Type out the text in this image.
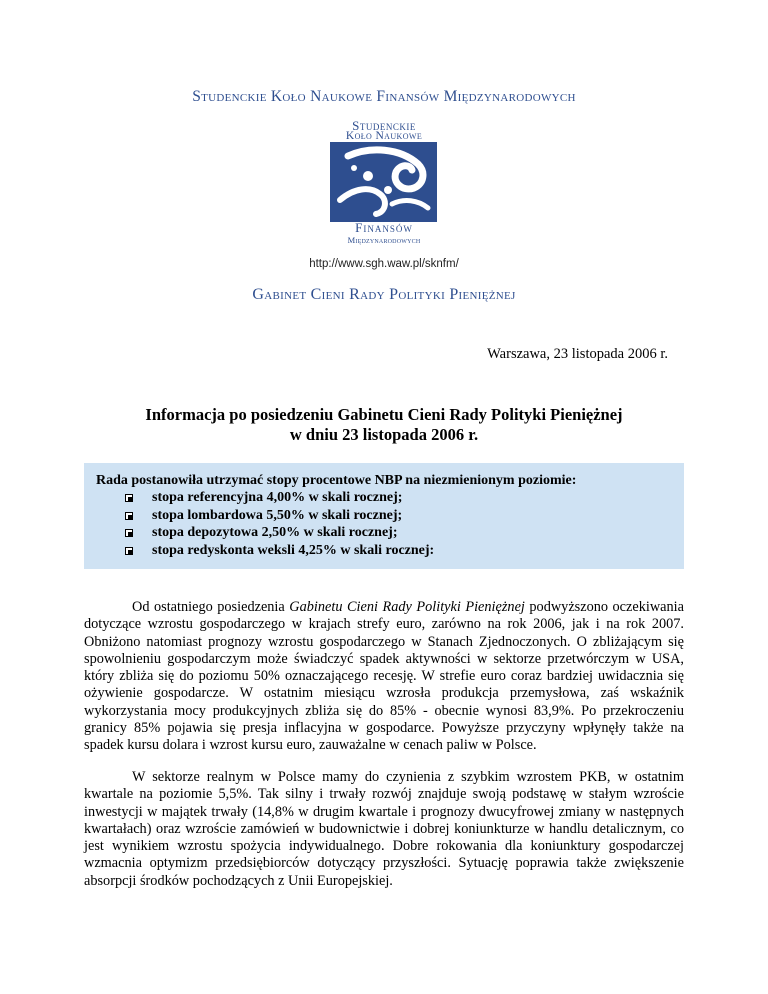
Studenckie Koło Naukowe Finansów Międzynarodowych
Studenckie
Koło Naukowe
Finansów
Międzynarodowych
http://www.sgh.waw.pl/sknfm/
Gabinet Cieni Rady Polityki Pieniężnej
Warszawa, 23 listopada 2006 r.
Informacja po posiedzeniu Gabinetu Cieni Rady Polityki Pieniężnej
w dniu 23 listopada 2006 r.
Rada postanowiła utrzymać stopy procentowe NBP na niezmienionym poziomie:
stopa referencyjna 4,00% w skali rocznej;
stopa lombardowa 5,50% w skali rocznej;
stopa depozytowa 2,50% w skali rocznej;
stopa redyskonta weksli 4,25% w skali rocznej:

Od ostatniego posiedzenia Gabinetu Cieni Rady Polityki Pieniężnej podwyższono oczekiwania dotyczące wzrostu gospodarczego w krajach strefy euro, zarówno na rok 2006, jak i na rok 2007. Obniżono natomiast prognozy wzrostu gospodarczego w Stanach Zjednoczonych. O zbliżającym się spowolnieniu gospodarczym może świadczyć spadek aktywności w sektorze przetwórczym w USA, który zbliża się do poziomu 50% oznaczającego recesję. W strefie euro coraz bardziej uwidacznia się ożywienie gospodarcze. W ostatnim miesiącu wzrosła produkcja przemysłowa, zaś wskaźnik wykorzystania mocy produkcyjnych zbliża się do 85% - obecnie wynosi 83,9%. Po przekroczeniu granicy 85% pojawia się presja inflacyjna w gospodarce. Powyższe przyczyny wpłynęły także na spadek kursu dolara i wzrost kursu euro, zauważalne w cenach paliw w Polsce.

W sektorze realnym w Polsce mamy do czynienia z szybkim wzrostem PKB, w ostatnim kwartale na poziomie 5,5%. Tak silny i trwały rozwój znajduje swoją podstawę w stałym wzroście inwestycji w majątek trwały (14,8% w drugim kwartale i prognozy dwucyfrowej zmiany w następnych kwartałach) oraz wzroście zamówień w budownictwie i dobrej koniunkturze w handlu detalicznym, co jest wynikiem wzrostu spożycia indywidualnego. Dobre rokowania dla koniunktury gospodarczej wzmacnia optymizm przedsiębiorców dotyczący przyszłości. Sytuację poprawia także zwiększenie absorpcji środków pochodzących z Unii Europejskiej.
